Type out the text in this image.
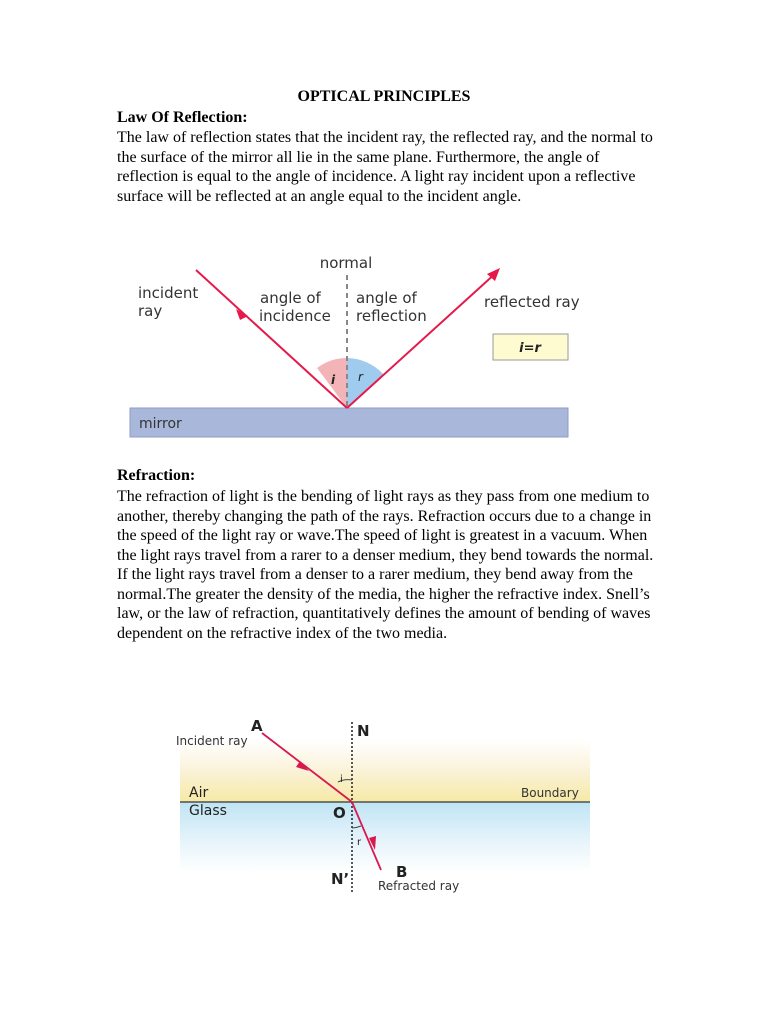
OPTICAL PRINCIPLES
Law Of Reflection:

The law of reflection states that the incident ray, the reflected ray, and the normal to the surface of the mirror all lie in the same plane. Furthermore, the angle of reflection is equal to the angle of incidence. A light ray incident upon a reflective surface will be reflected at an angle equal to the incident angle.

mirror
normal
incident
ray
angle of
incidence
angle of
reflection
reflected ray
i r
i=r
Refraction:

The refraction of light is the bending of light rays as they pass from one medium to another, thereby changing the path of the rays. Refraction occurs due to a change in the speed of the light ray or wave.The speed of light is greatest in a vacuum. When the light rays travel from a rarer to a denser medium, they bend towards the normal. If the light rays travel from a denser to a rarer medium, they bend away from the normal.The greater the density of the media, the higher the refractive index. Snell’s law, or the law of refraction, quantitatively defines the amount of bending of waves dependent on the refractive index of the two media.

A	N
Incident ray
Air
Glass
Boundary
O
i
r
N’	B
Refracted ray
